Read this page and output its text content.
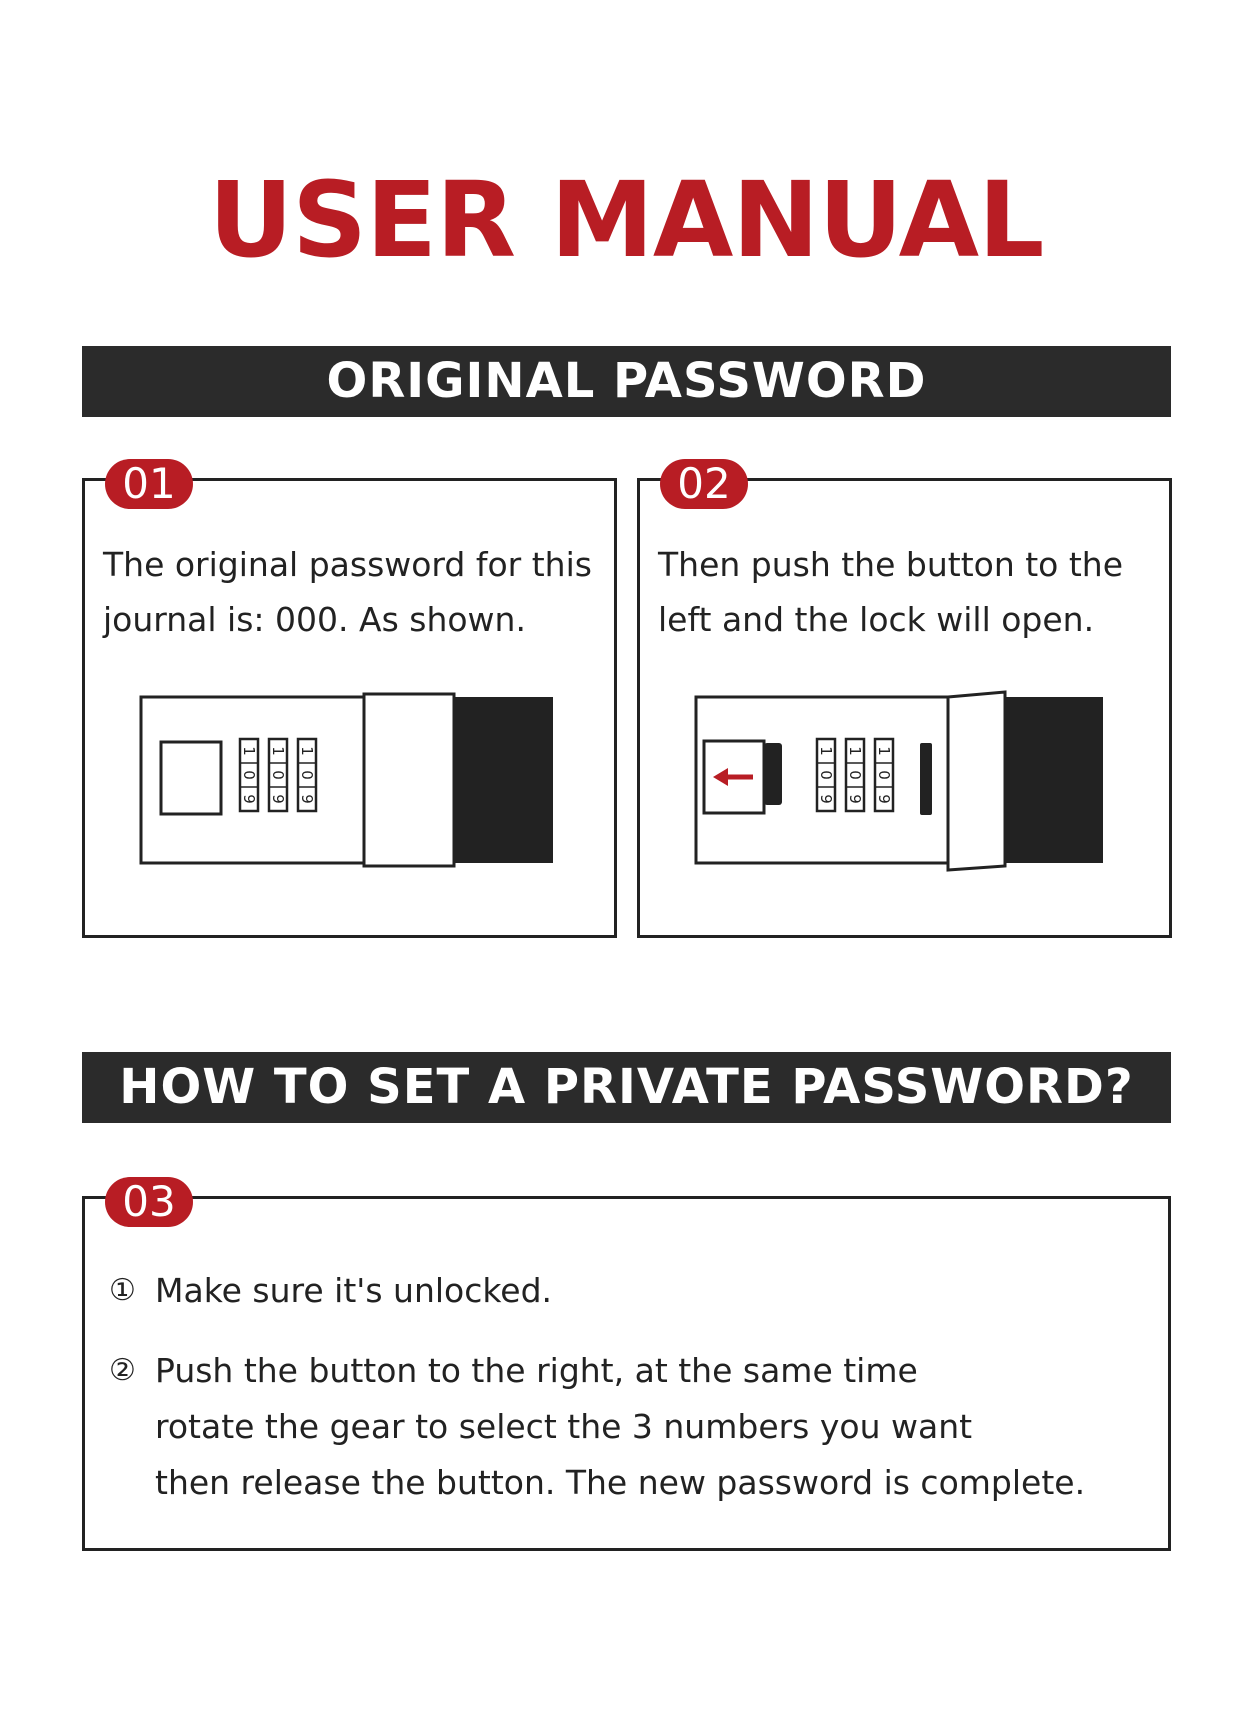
USER MANUAL
ORIGINAL PASSWORD
01
The original password for this
journal is: 000. As shown.
1
0
9
1
0
9
1
0
9
02
Then push the button to the
left and the lock will open.
1
0
9
1
0
9
1
0
9
HOW TO SET A PRIVATE PASSWORD?
03
① Make sure it's unlocked.
② Push the button to the right, at the same time
rotate the gear to select the 3 numbers you want
then release the button. The new password is complete.
